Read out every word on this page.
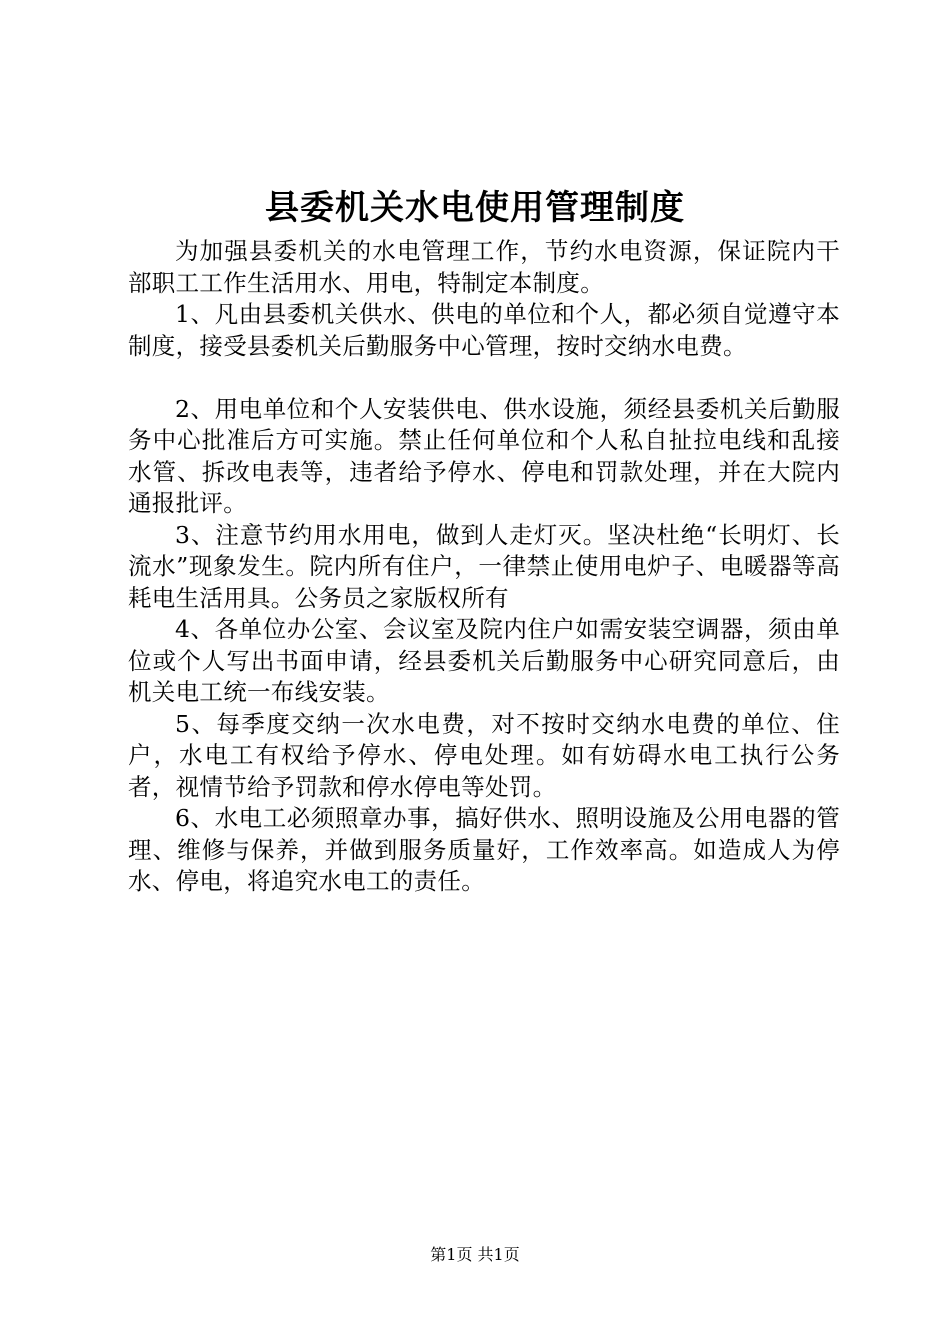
县委机关水电使用管理制度

为加强县委机关的水电管理工作，节约水电资源，保证院内干部职工工作生活用水、用电，特制定本制度。

1、凡由县委机关供水、供电的单位和个人，都必须自觉遵守本制度，接受县委机关后勤服务中心管理，按时交纳水电费。

2、用电单位和个人安装供电、供水设施，须经县委机关后勤服务中心批准后方可实施。禁止任何单位和个人私自扯拉电线和乱接水管、拆改电表等，违者给予停水、停电和罚款处理，并在大院内通报批评。

3、注意节约用水用电，做到人走灯灭。坚决杜绝“长明灯、长流水”现象发生。院内所有住户，一律禁止使用电炉子、电暖器等高耗电生活用具。公务员之家版权所有

4、各单位办公室、会议室及院内住户如需安装空调器，须由单位或个人写出书面申请，经县委机关后勤服务中心研究同意后，由机关电工统一布线安装。

5、每季度交纳一次水电费，对不按时交纳水电费的单位、住户，水电工有权给予停水、停电处理。如有妨碍水电工执行公务者，视情节给予罚款和停水停电等处罚。

6、水电工必须照章办事，搞好供水、照明设施及公用电器的管理、维修与保养，并做到服务质量好，工作效率高。如造成人为停水、停电，将追究水电工的责任。

第1页 共1页
